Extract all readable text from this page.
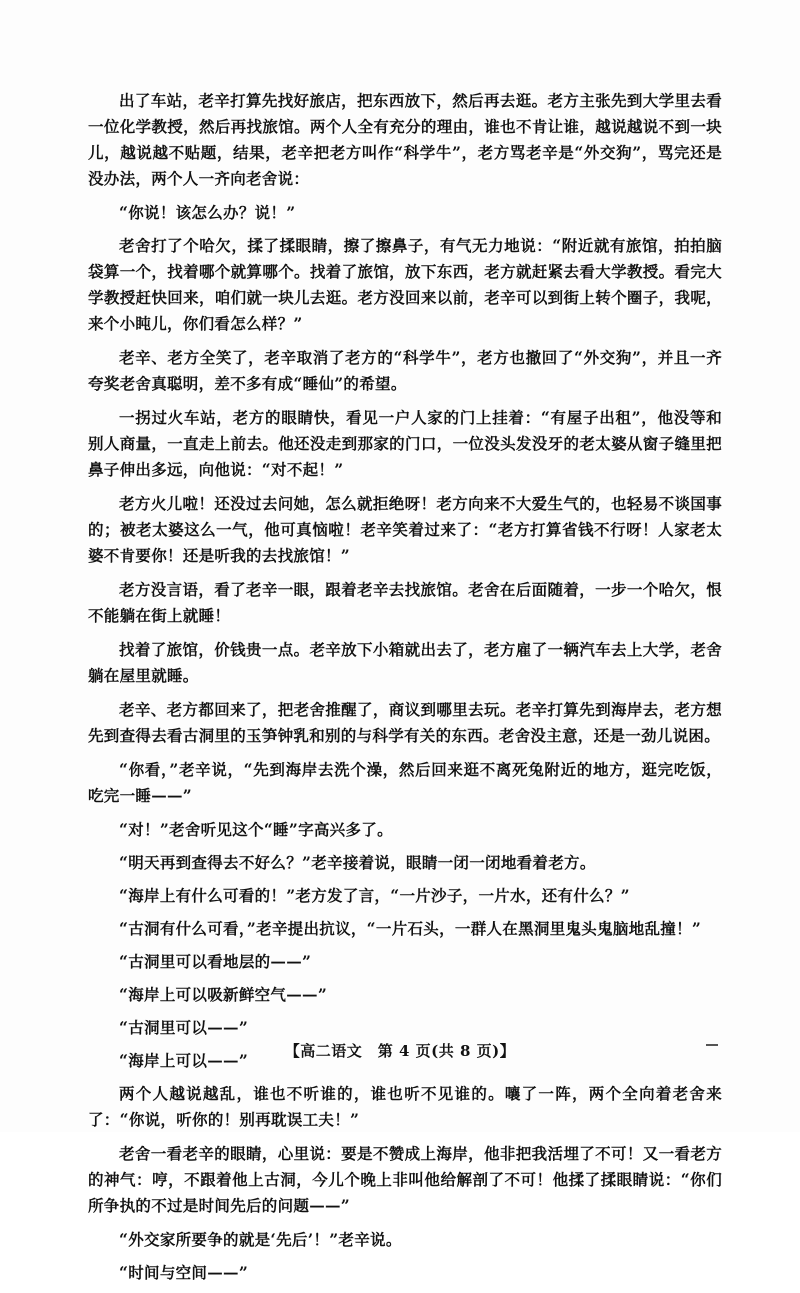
出了车站，老辛打算先找好旅店，把东西放下，然后再去逛。老方主张先到大学里去看一位化学教授，然后再找旅馆。两个人全有充分的理由，谁也不肯让谁，越说越说不到一块儿，越说越不贴题，结果，老辛把老方叫作“科学牛”，老方骂老辛是“外交狗”，骂完还是没办法，两个人一齐向老舍说：

“你说！该怎么办？说！”

老舍打了个哈欠，揉了揉眼睛，擦了擦鼻子，有气无力地说：“附近就有旅馆，拍拍脑袋算一个，找着哪个就算哪个。找着了旅馆，放下东西，老方就赶紧去看大学教授。看完大学教授赶快回来，咱们就一块儿去逛。老方没回来以前，老辛可以到街上转个圈子，我呢，来个小盹儿，你们看怎么样？”

老辛、老方全笑了，老辛取消了老方的“科学牛”，老方也撤回了“外交狗”，并且一齐夸奖老舍真聪明，差不多有成“睡仙”的希望。

一拐过火车站，老方的眼睛快，看见一户人家的门上挂着：“有屋子出租”，他没等和别人商量，一直走上前去。他还没走到那家的门口，一位没头发没牙的老太婆从窗子缝里把鼻子伸出多远，向他说：“对不起！”

老方火儿啦！还没过去问她，怎么就拒绝呀！老方向来不大爱生气的，也轻易不谈国事的；被老太婆这么一气，他可真恼啦！老辛笑着过来了：“老方打算省钱不行呀！人家老太婆不肯要你！还是听我的去找旅馆！”

老方没言语，看了老辛一眼，跟着老辛去找旅馆。老舍在后面随着，一步一个哈欠，恨不能躺在街上就睡！

找着了旅馆，价钱贵一点。老辛放下小箱就出去了，老方雇了一辆汽车去上大学，老舍躺在屋里就睡。

老辛、老方都回来了，把老舍推醒了，商议到哪里去玩。老辛打算先到海岸去，老方想先到查得去看古洞里的玉笋钟乳和别的与科学有关的东西。老舍没主意，还是一劲儿说困。

“你看，”老辛说，“先到海岸去洗个澡，然后回来逛不离死兔附近的地方，逛完吃饭，吃完一睡——”

“对！”老舍听见这个“睡”字高兴多了。

“明天再到查得去不好么？”老辛接着说，眼睛一闭一闭地看着老方。

“海岸上有什么可看的！”老方发了言，“一片沙子，一片水，还有什么？”

“古洞有什么可看，”老辛提出抗议，“一片石头，一群人在黑洞里鬼头鬼脑地乱撞！”

“古洞里可以看地层的——”

“海岸上可以吸新鲜空气——”

“古洞里可以——”

“海岸上可以——”

两个人越说越乱，谁也不听谁的，谁也听不见谁的。嚷了一阵，两个全向着老舍来了：“你说，听你的！别再耽误工夫！”

老舍一看老辛的眼睛，心里说：要是不赞成上海岸，他非把我活埋了不可！又一看老方的神气：哼，不跟着他上古洞，今儿个晚上非叫他给解剖了不可！他揉了揉眼睛说：“你们所争执的不过是时间先后的问题——”

“外交家所要争的就是‘先后’！”老辛说。

“时间与空间——”

【高二语文　第 4 页(共 8 页)】
